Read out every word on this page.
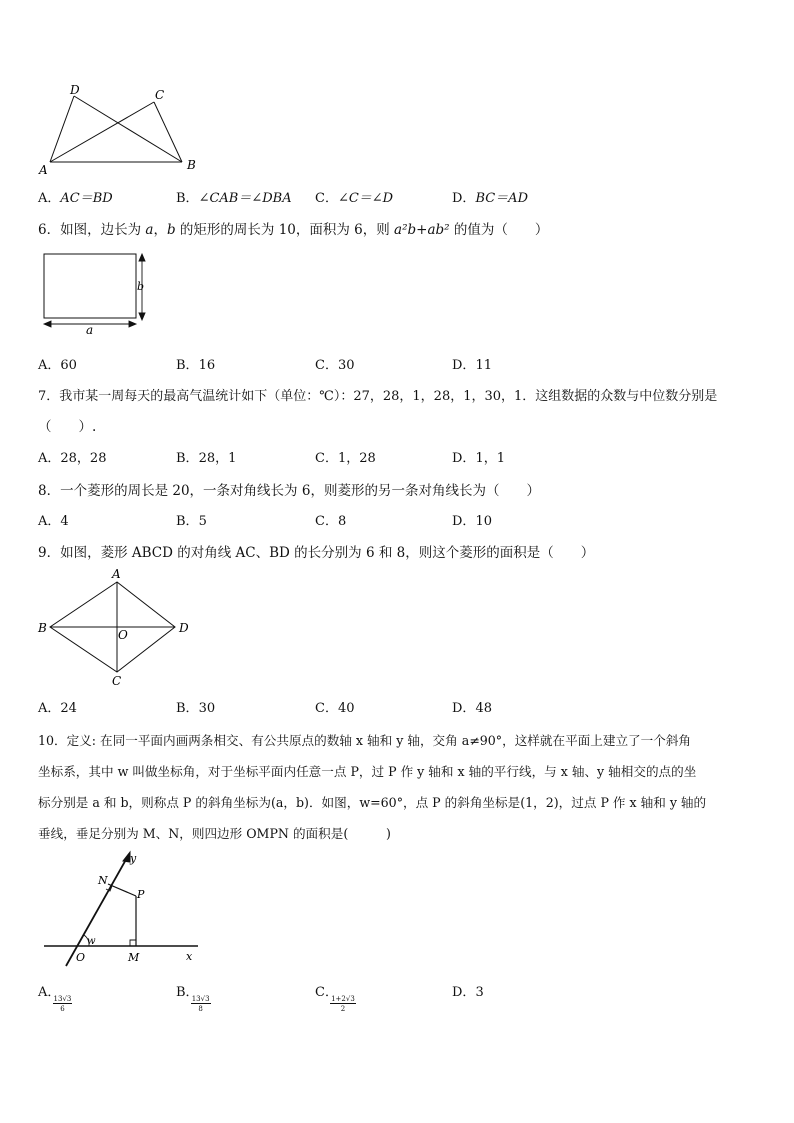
D	C
A	B
A．AC＝BD	B．∠CAB＝∠DBA C．∠C＝∠D	D．BC＝AD
6．如图，边长为 a，b 的矩形的周长为 10，面积为 6，则 a²b+ab² 的值为（　　）
b
a
A．60	B．16	C．30	D．11
7．我市某一周每天的最高气温统计如下（单位：℃）：27，28，1，28，1，30，1．这组数据的众数与中位数分别是
（　　）.
A．28，28	B．28，1	C．1，28	D．1，1
8．一个菱形的周长是 20，一条对角线长为 6，则菱形的另一条对角线长为（　　）
A．4	B．5	C．8	D．10
9．如图，菱形 ABCD 的对角线 AC、BD 的长分别为 6 和 8，则这个菱形的面积是（　　）
A
B
C
D
O
A．24	B．30	C．40	D．48
10．定义: 在同一平面内画两条相交、有公共原点的数轴 x 轴和 y 轴，交角 a≠90°，这样就在平面上建立了一个斜角
坐标系，其中 w 叫做坐标角，对于坐标平面内任意一点 P，过 P 作 y 轴和 x 轴的平行线，与 x 轴、y 轴相交的点的坐
标分别是 a 和 b，则称点 P 的斜角坐标为(a，b)．如图，w=60°，点 P 的斜角坐标是(1，2)，过点 P 作 x 轴和 y 轴的
垂线，垂足分别为 M、N，则四边形 OMPN 的面积是(　　　)
y
x
N
P
w
O	M
A．
$\frac{13√3}{6}$
B．
$\frac{13√3}{8}$
C．
$\frac{1+2√3}{2}$
D．3
